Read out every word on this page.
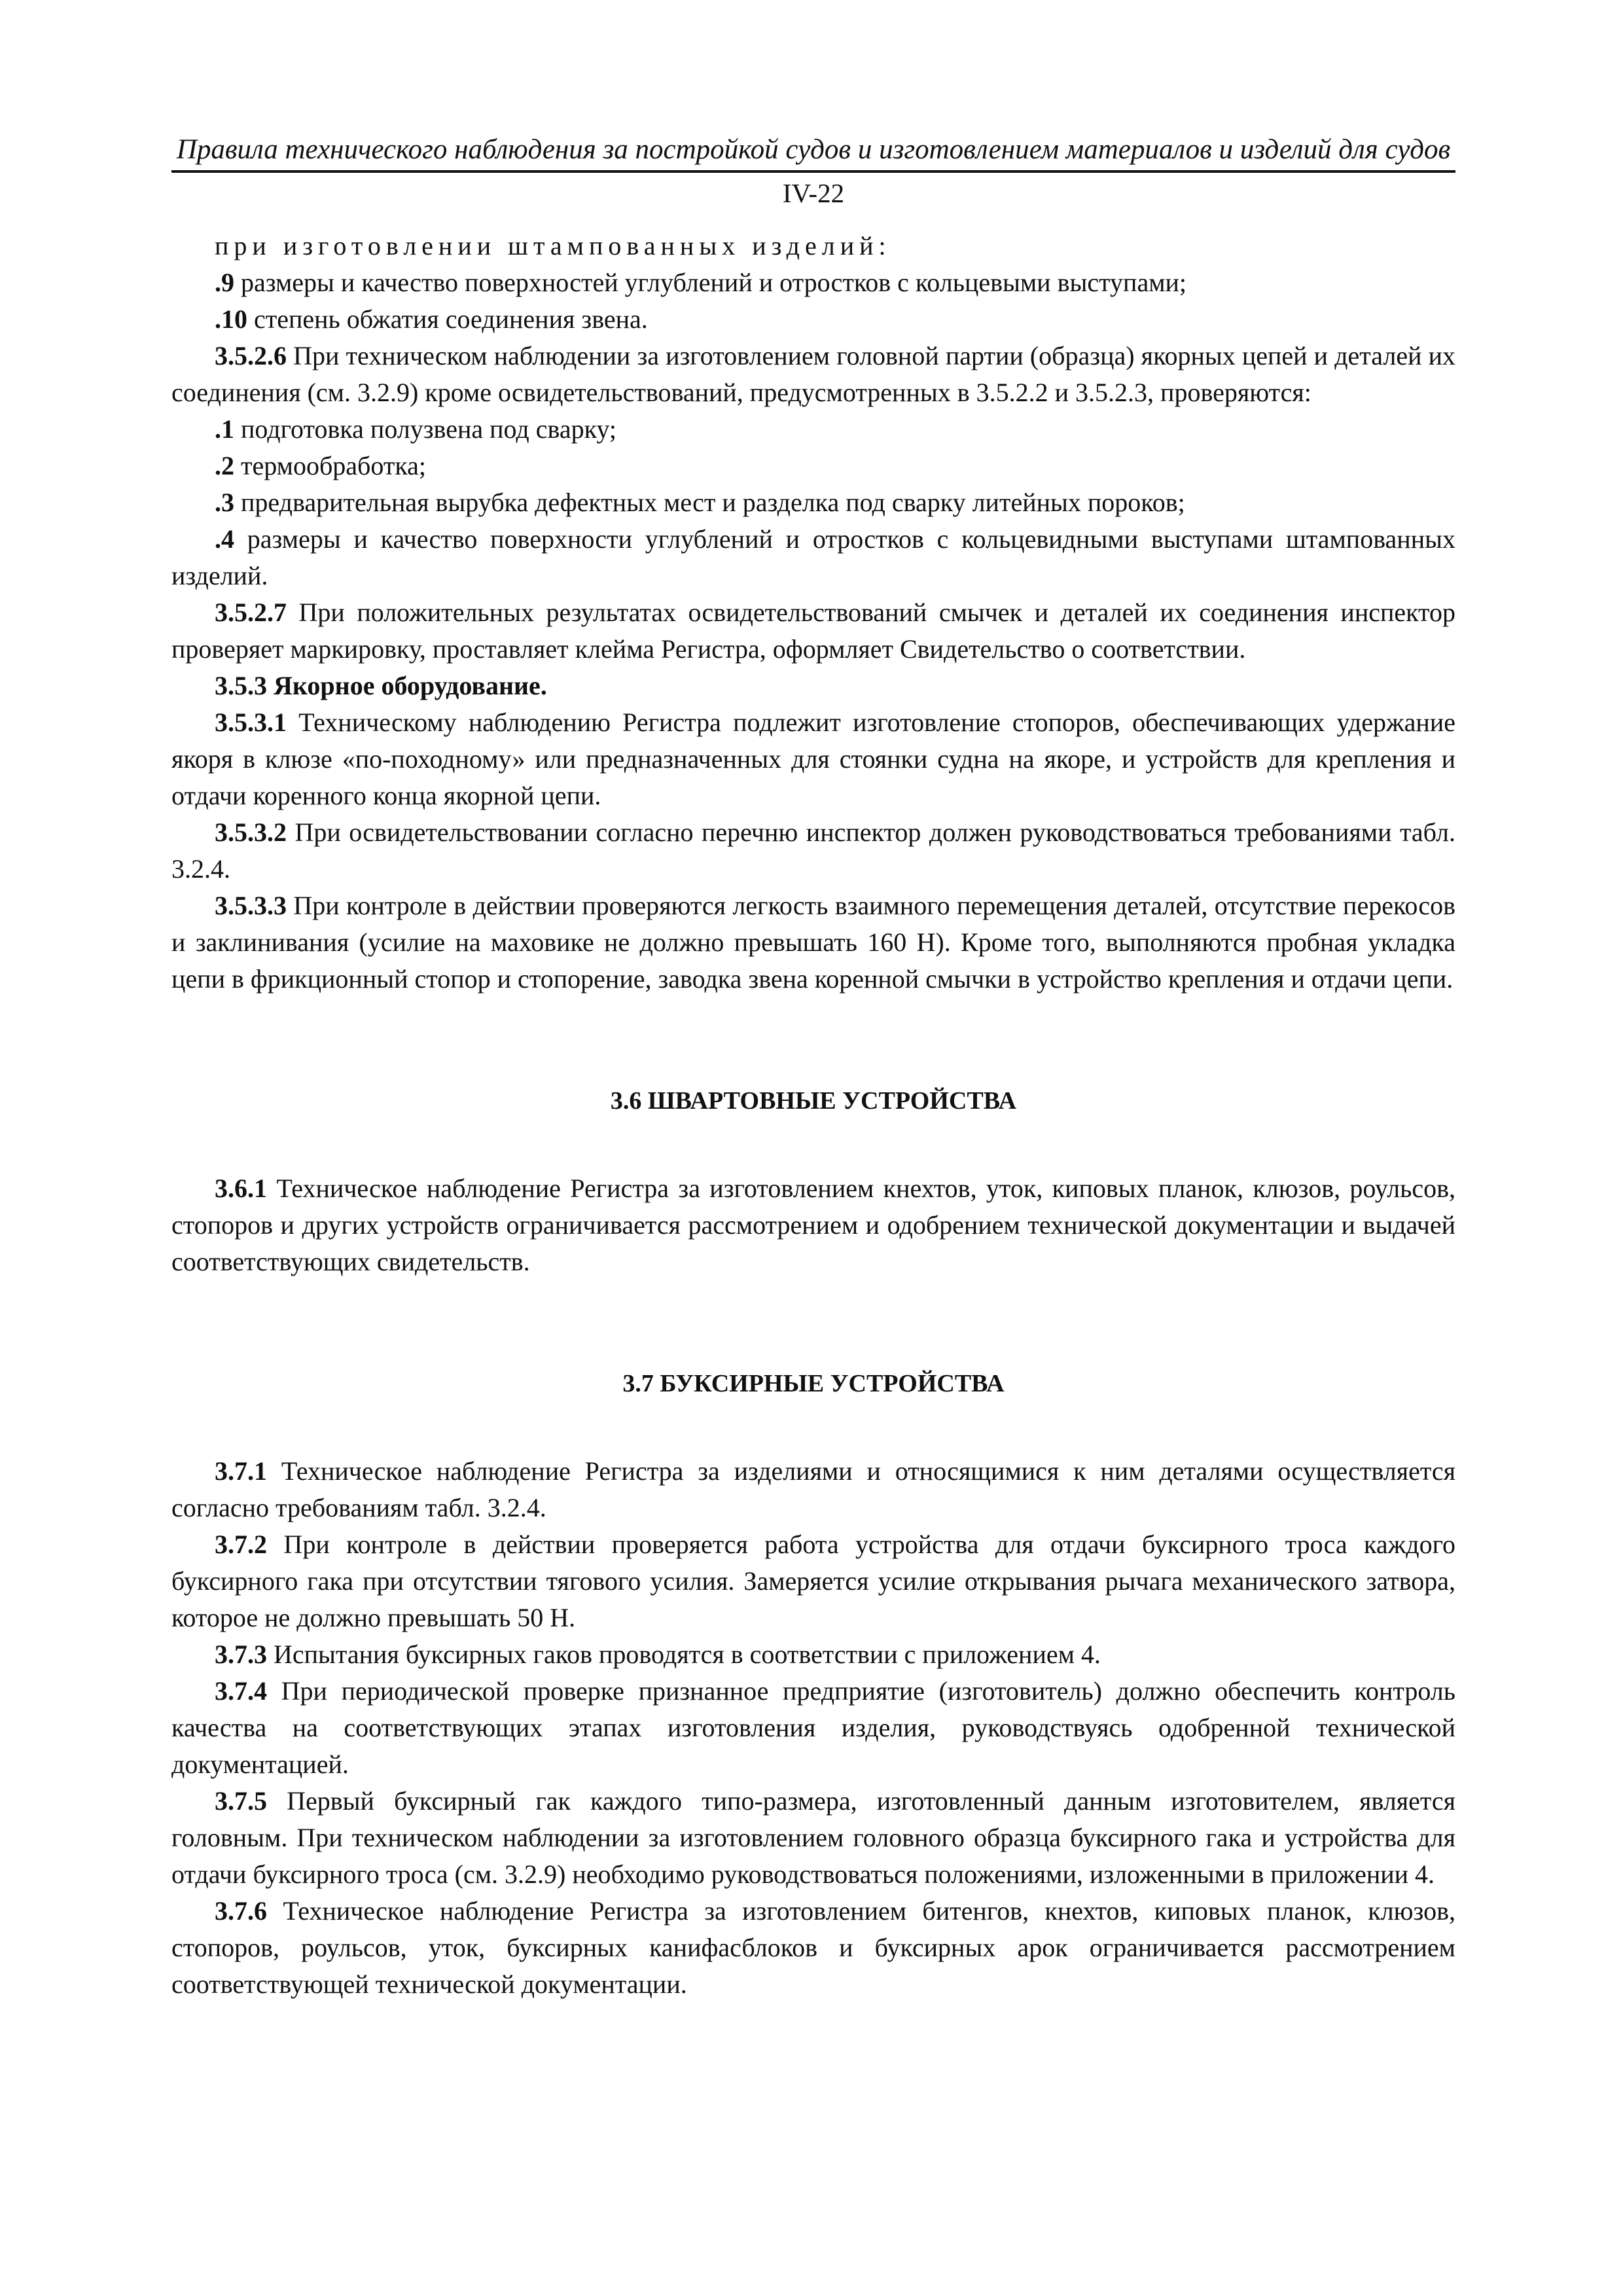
Правила технического наблюдения за постройкой судов и изготовлением материалов и изделий для судов
IV-22

при изготовлении штампованных изделий:

.9 размеры и качество поверхностей углублений и отростков с кольцевыми выступами;

.10 степень обжатия соединения звена.

3.5.2.6 При техническом наблюдении за изготовлением головной партии (образца) якорных цепей и деталей их соединения (см. 3.2.9) кроме освидетельствований, предусмотренных в 3.5.2.2 и 3.5.2.3, проверяются:

.1 подготовка полузвена под сварку;

.2 термообработка;

.3 предварительная вырубка дефектных мест и разделка под сварку литейных пороков;

.4 размеры и качество поверхности углублений и отростков с кольцевидными выступами штампованных изделий.

3.5.2.7 При положительных результатах освидетельствований смычек и деталей их соединения инспектор проверяет маркировку, проставляет клейма Регистра, оформляет Свидетельство о соответствии.

3.5.3 Якорное оборудование.

3.5.3.1 Техническому наблюдению Регистра подлежит изготовление стопоров, обеспечивающих удержание якоря в клюзе «по-походному» или предназначенных для стоянки судна на якоре, и устройств для крепления и отдачи коренного конца якорной цепи.

3.5.3.2 При освидетельствовании согласно перечню инспектор должен руководствоваться требованиями табл. 3.2.4.

3.5.3.3 При контроле в действии проверяются легкость взаимного перемещения деталей, отсутствие перекосов и заклинивания (усилие на маховике не должно превышать 160 Н). Кроме того, выполняются пробная укладка цепи в фрикционный стопор и стопорение, заводка звена коренной смычки в устройство крепления и отдачи цепи.

3.6 ШВАРТОВНЫЕ УСТРОЙСТВА

3.6.1 Техническое наблюдение Регистра за изготовлением кнехтов, уток, киповых планок, клюзов, роульсов, стопоров и других устройств ограничивается рассмотрением и одобрением технической документации и выдачей соответствующих свидетельств.

3.7 БУКСИРНЫЕ УСТРОЙСТВА

3.7.1 Техническое наблюдение Регистра за изделиями и относящимися к ним деталями осуществляется согласно требованиям табл. 3.2.4.

3.7.2 При контроле в действии проверяется работа устройства для отдачи буксирного троса каждого буксирного гака при отсутствии тягового усилия. Замеряется усилие открывания рычага механического затвора, которое не должно превышать 50 Н.

3.7.3 Испытания буксирных гаков проводятся в соответствии с приложением 4.

3.7.4 При периодической проверке признанное предприятие (изготовитель) должно обеспечить контроль качества на соответствующих этапах изготовления изделия, руководствуясь одобренной технической документацией.

3.7.5 Первый буксирный гак каждого типо-размера, изготовленный данным изготовителем, является головным. При техническом наблюдении за изготовлением головного образца буксирного гака и устройства для отдачи буксирного троса (см. 3.2.9) необходимо руководствоваться положениями, изложенными в приложении 4.

3.7.6 Техническое наблюдение Регистра за изготовлением битенгов, кнехтов, киповых планок, клюзов, стопоров, роульсов, уток, буксирных канифасблоков и буксирных арок ограничивается рассмотрением соответствующей технической документации.
